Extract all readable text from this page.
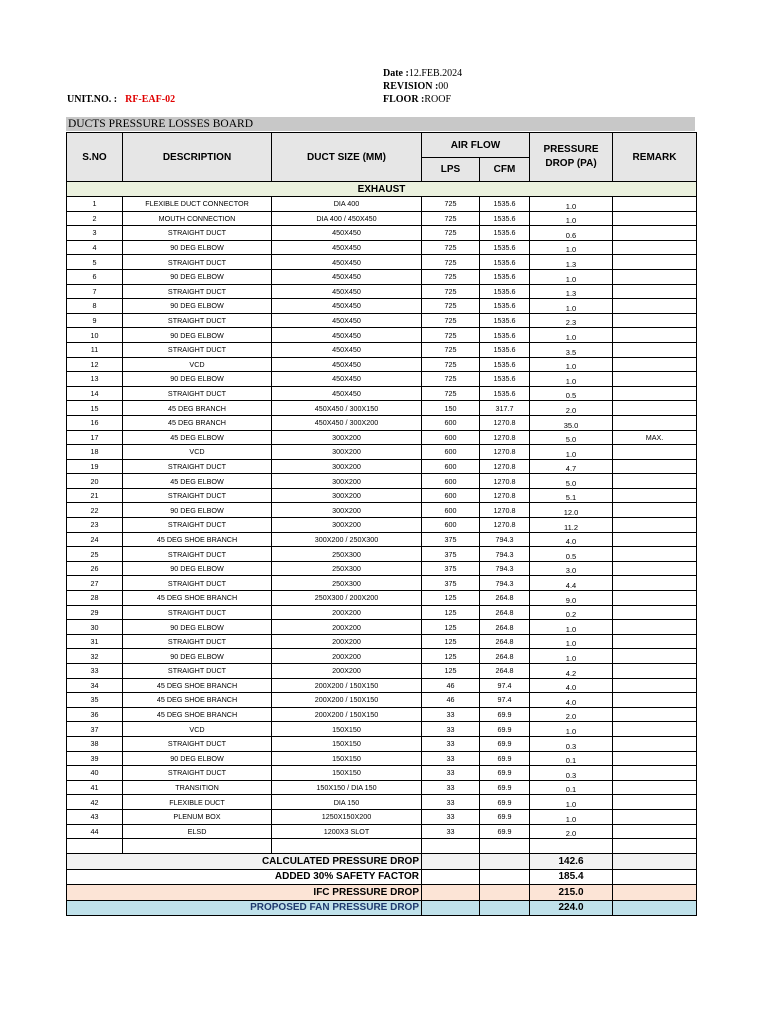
Date :12.FEB.2024
REVISION :00
FLOOR :ROOF
UNIT.NO. : RF-EAF-02
DUCTS PRESSURE LOSSES BOARD
S.NO	DESCRIPTION	DUCT SIZE (MM)	AIR FLOW		PRESSURE DROP (PA)	REMARK
			LPS	CFM		
EXHAUST						
1	FLEXIBLE DUCT CONNECTOR	DIA 400	725	1535.6	1.0	
2	MOUTH CONNECTION	DIA 400 / 450X450	725	1535.6	1.0	
3	STRAIGHT DUCT	450X450	725	1535.6	0.6	
4	90 DEG ELBOW	450X450	725	1535.6	1.0	
5	STRAIGHT DUCT	450X450	725	1535.6	1.3	
6	90 DEG ELBOW	450X450	725	1535.6	1.0	
7	STRAIGHT DUCT	450X450	725	1535.6	1.3	
8	90 DEG ELBOW	450X450	725	1535.6	1.0	
9	STRAIGHT DUCT	450X450	725	1535.6	2.3	
10	90 DEG ELBOW	450X450	725	1535.6	1.0	
11	STRAIGHT DUCT	450X450	725	1535.6	3.5	
12	VCD	450X450	725	1535.6	1.0	
13	90 DEG ELBOW	450X450	725	1535.6	1.0	
14	STRAIGHT DUCT	450X450	725	1535.6	0.5	
15	45 DEG BRANCH	450X450 / 300X150	150	317.7	2.0	
16	45 DEG BRANCH	450X450 / 300X200	600	1270.8	35.0	
17	45 DEG ELBOW	300X200	600	1270.8	5.0	MAX.
18	VCD	300X200	600	1270.8	1.0	
19	STRAIGHT DUCT	300X200	600	1270.8	4.7	
20	45 DEG ELBOW	300X200	600	1270.8	5.0	
21	STRAIGHT DUCT	300X200	600	1270.8	5.1	
22	90 DEG ELBOW	300X200	600	1270.8	12.0	
23	STRAIGHT DUCT	300X200	600	1270.8	11.2	
24	45 DEG SHOE BRANCH	300X200 / 250X300	375	794.3	4.0	
25	STRAIGHT DUCT	250X300	375	794.3	0.5	
26	90 DEG ELBOW	250X300	375	794.3	3.0	
27	STRAIGHT DUCT	250X300	375	794.3	4.4	
28	45 DEG SHOE BRANCH	250X300 / 200X200	125	264.8	9.0	
29	STRAIGHT DUCT	200X200	125	264.8	0.2	
30	90 DEG ELBOW	200X200	125	264.8	1.0	
31	STRAIGHT DUCT	200X200	125	264.8	1.0	
32	90 DEG ELBOW	200X200	125	264.8	1.0	
33	STRAIGHT DUCT	200X200	125	264.8	4.2	
34	45 DEG SHOE BRANCH	200X200 / 150X150	46	97.4	4.0	
35	45 DEG SHOE BRANCH	200X200 / 150X150	46	97.4	4.0	
36	45 DEG SHOE BRANCH	200X200 / 150X150	33	69.9	2.0	
37	VCD	150X150	33	69.9	1.0	
38	STRAIGHT DUCT	150X150	33	69.9	0.3	
39	90 DEG ELBOW	150X150	33	69.9	0.1	
40	STRAIGHT DUCT	150X150	33	69.9	0.3	
41	TRANSITION	150X150 / DIA 150	33	69.9	0.1	
42	FLEXIBLE DUCT	DIA 150	33	69.9	1.0	
43	PLENUM BOX	1250X150X200	33	69.9	1.0	
44	ELSD	1200X3 SLOT	33	69.9	2.0	

CALCULATED PRESSURE DROP					142.6	
ADDED 30% SAFETY FACTOR					185.4	
IFC PRESSURE DROP					215.0	
PROPOSED FAN PRESSURE DROP					224.0	
